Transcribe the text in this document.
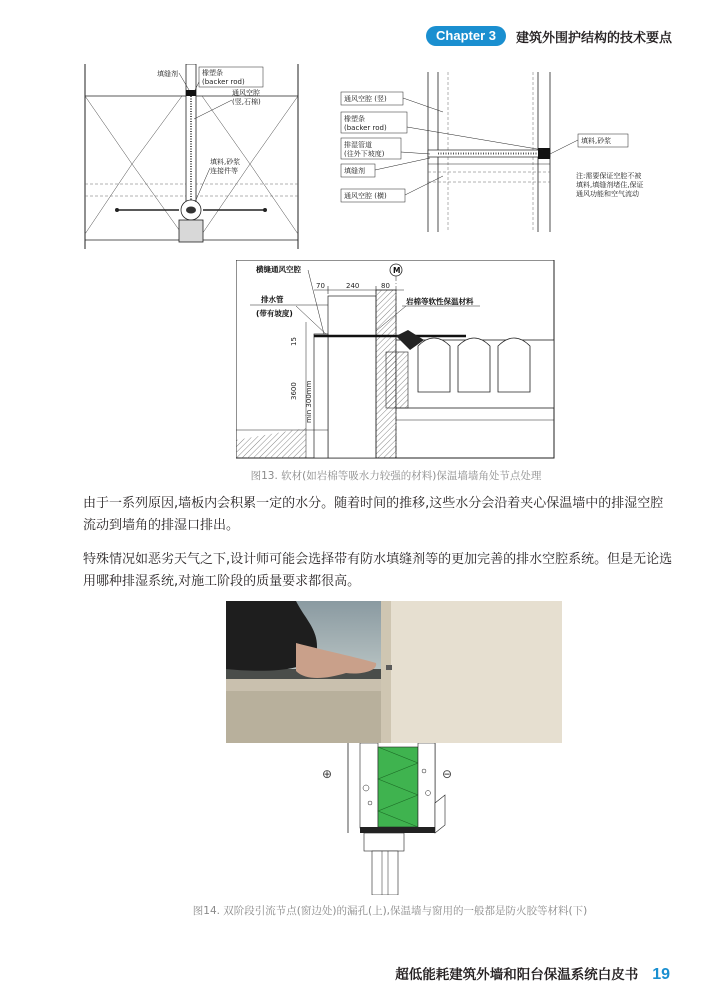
Chapter 3	建筑外围护结构的技术要点
填缝剂	橡塑条
(backer rod)
通风空腔
(竖,石棉)
填料,砂浆
连接件等
通风空腔 (竖)
橡塑条
(backer rod)
排湿管道
(往外下坡度)
填缝剂
通风空腔 (横)
填料,砂浆
注:需要保证空腔不被
填料,填缝剂堵住,保证
通风功能和空气流动
M
70	240	80
横缝通风空腔
排水管
(带有坡度)
岩棉等软性保温材料
15
3600 min 300mm
图13. 软材(如岩棉等吸水力较强的材料)保温墙墙角处节点处理
由于一系列原因,墙板内会积累一定的水分。随着时间的推移,这些水分会沿着夹心保温墙中的排湿空腔流动到墙角的排湿口排出。
特殊情况如恶劣天气之下,设计师可能会选择带有防水填缝剂等的更加完善的排水空腔系统。但是无论选用哪种排湿系统,对施工阶段的质量要求都很高。
⊕	⊖
图14. 双阶段引流节点(窗边处)的漏孔(上),保温墙与窗用的一般都是防火胶等材料(下)
超低能耗建筑外墙和阳台保温系统白皮书 19
